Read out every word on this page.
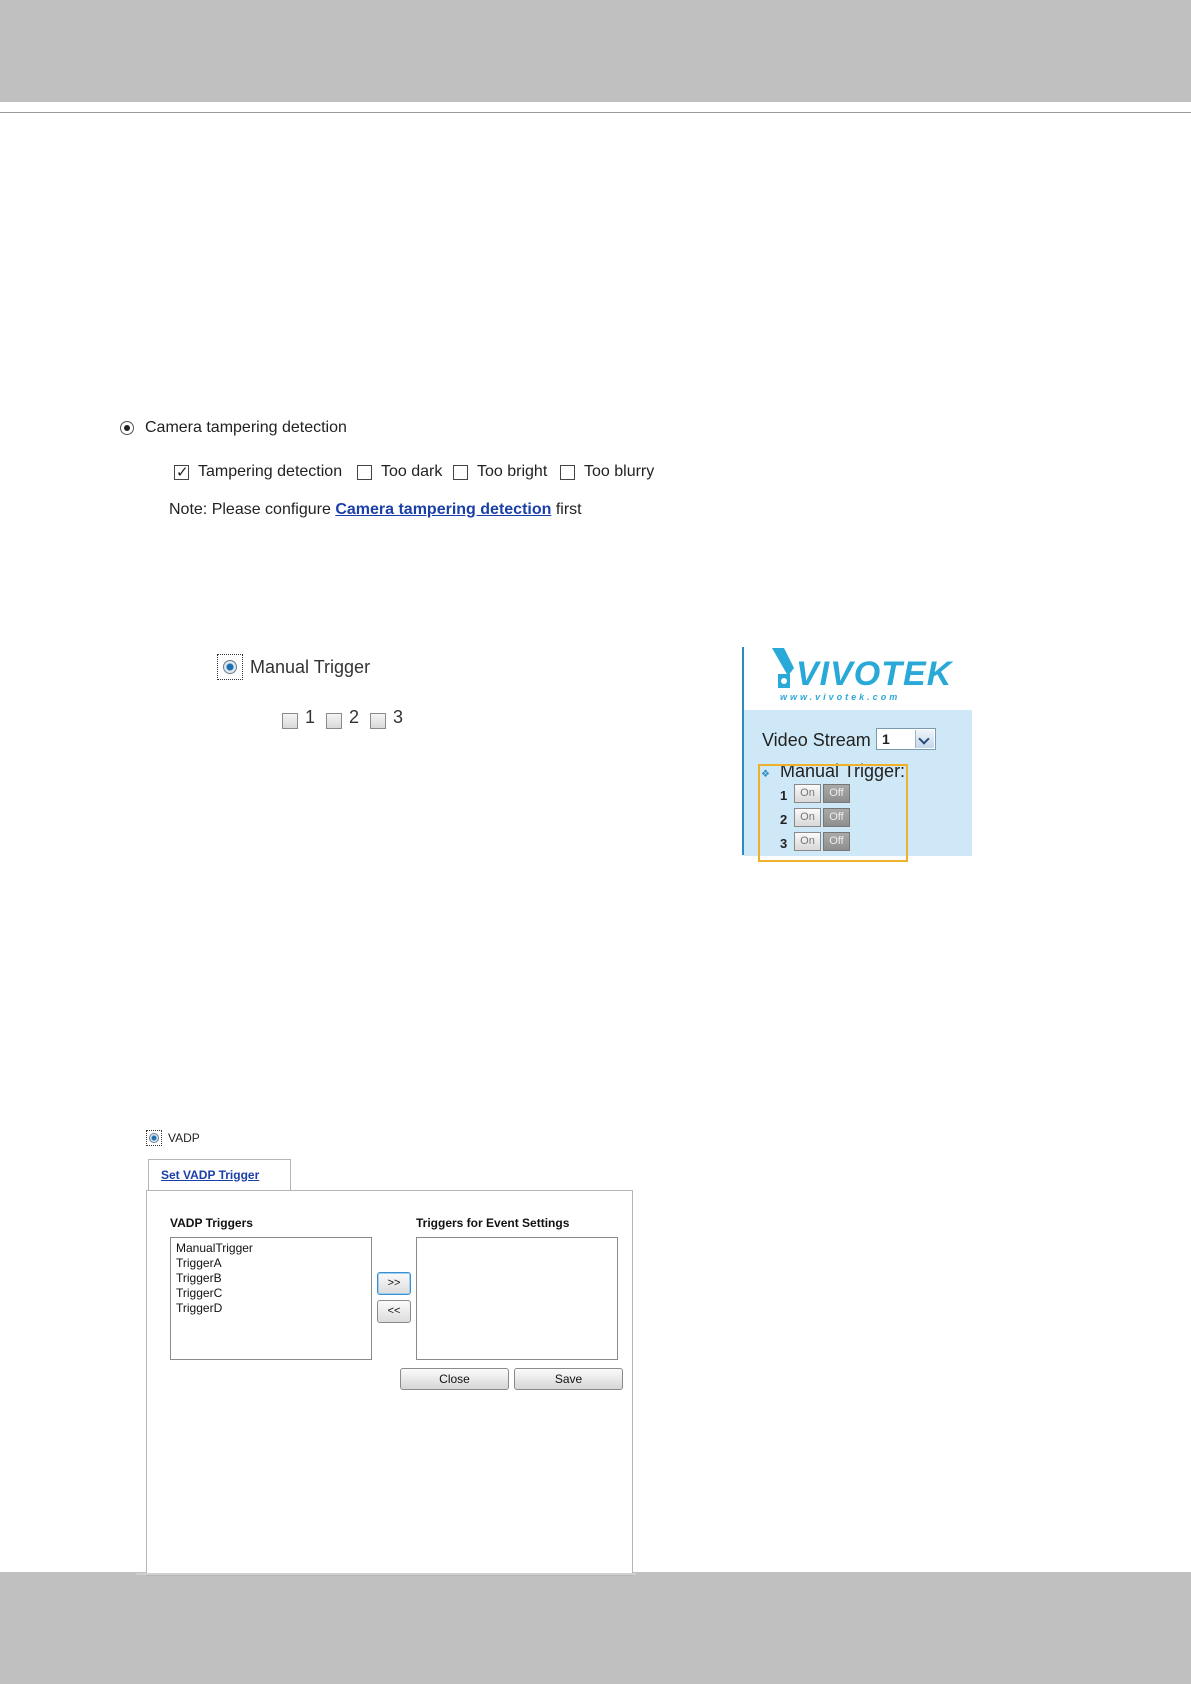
Camera tampering detection
✓
Tampering detection Too dark Too bright Too blurry
Note: Please configure Camera tampering detection first
Manual Trigger
1 2 3
VIVOTEK
www.vivotek.com
Video Stream 1
❖ Manual Trigger:
1	On	Off
2	On	Off
3	On	Off
VADP
Set VADP Trigger
VADP Triggers	Triggers for Event Settings
ManualTrigger
TriggerA
TriggerB
TriggerC
TriggerD
>>
<<
Close	Save
